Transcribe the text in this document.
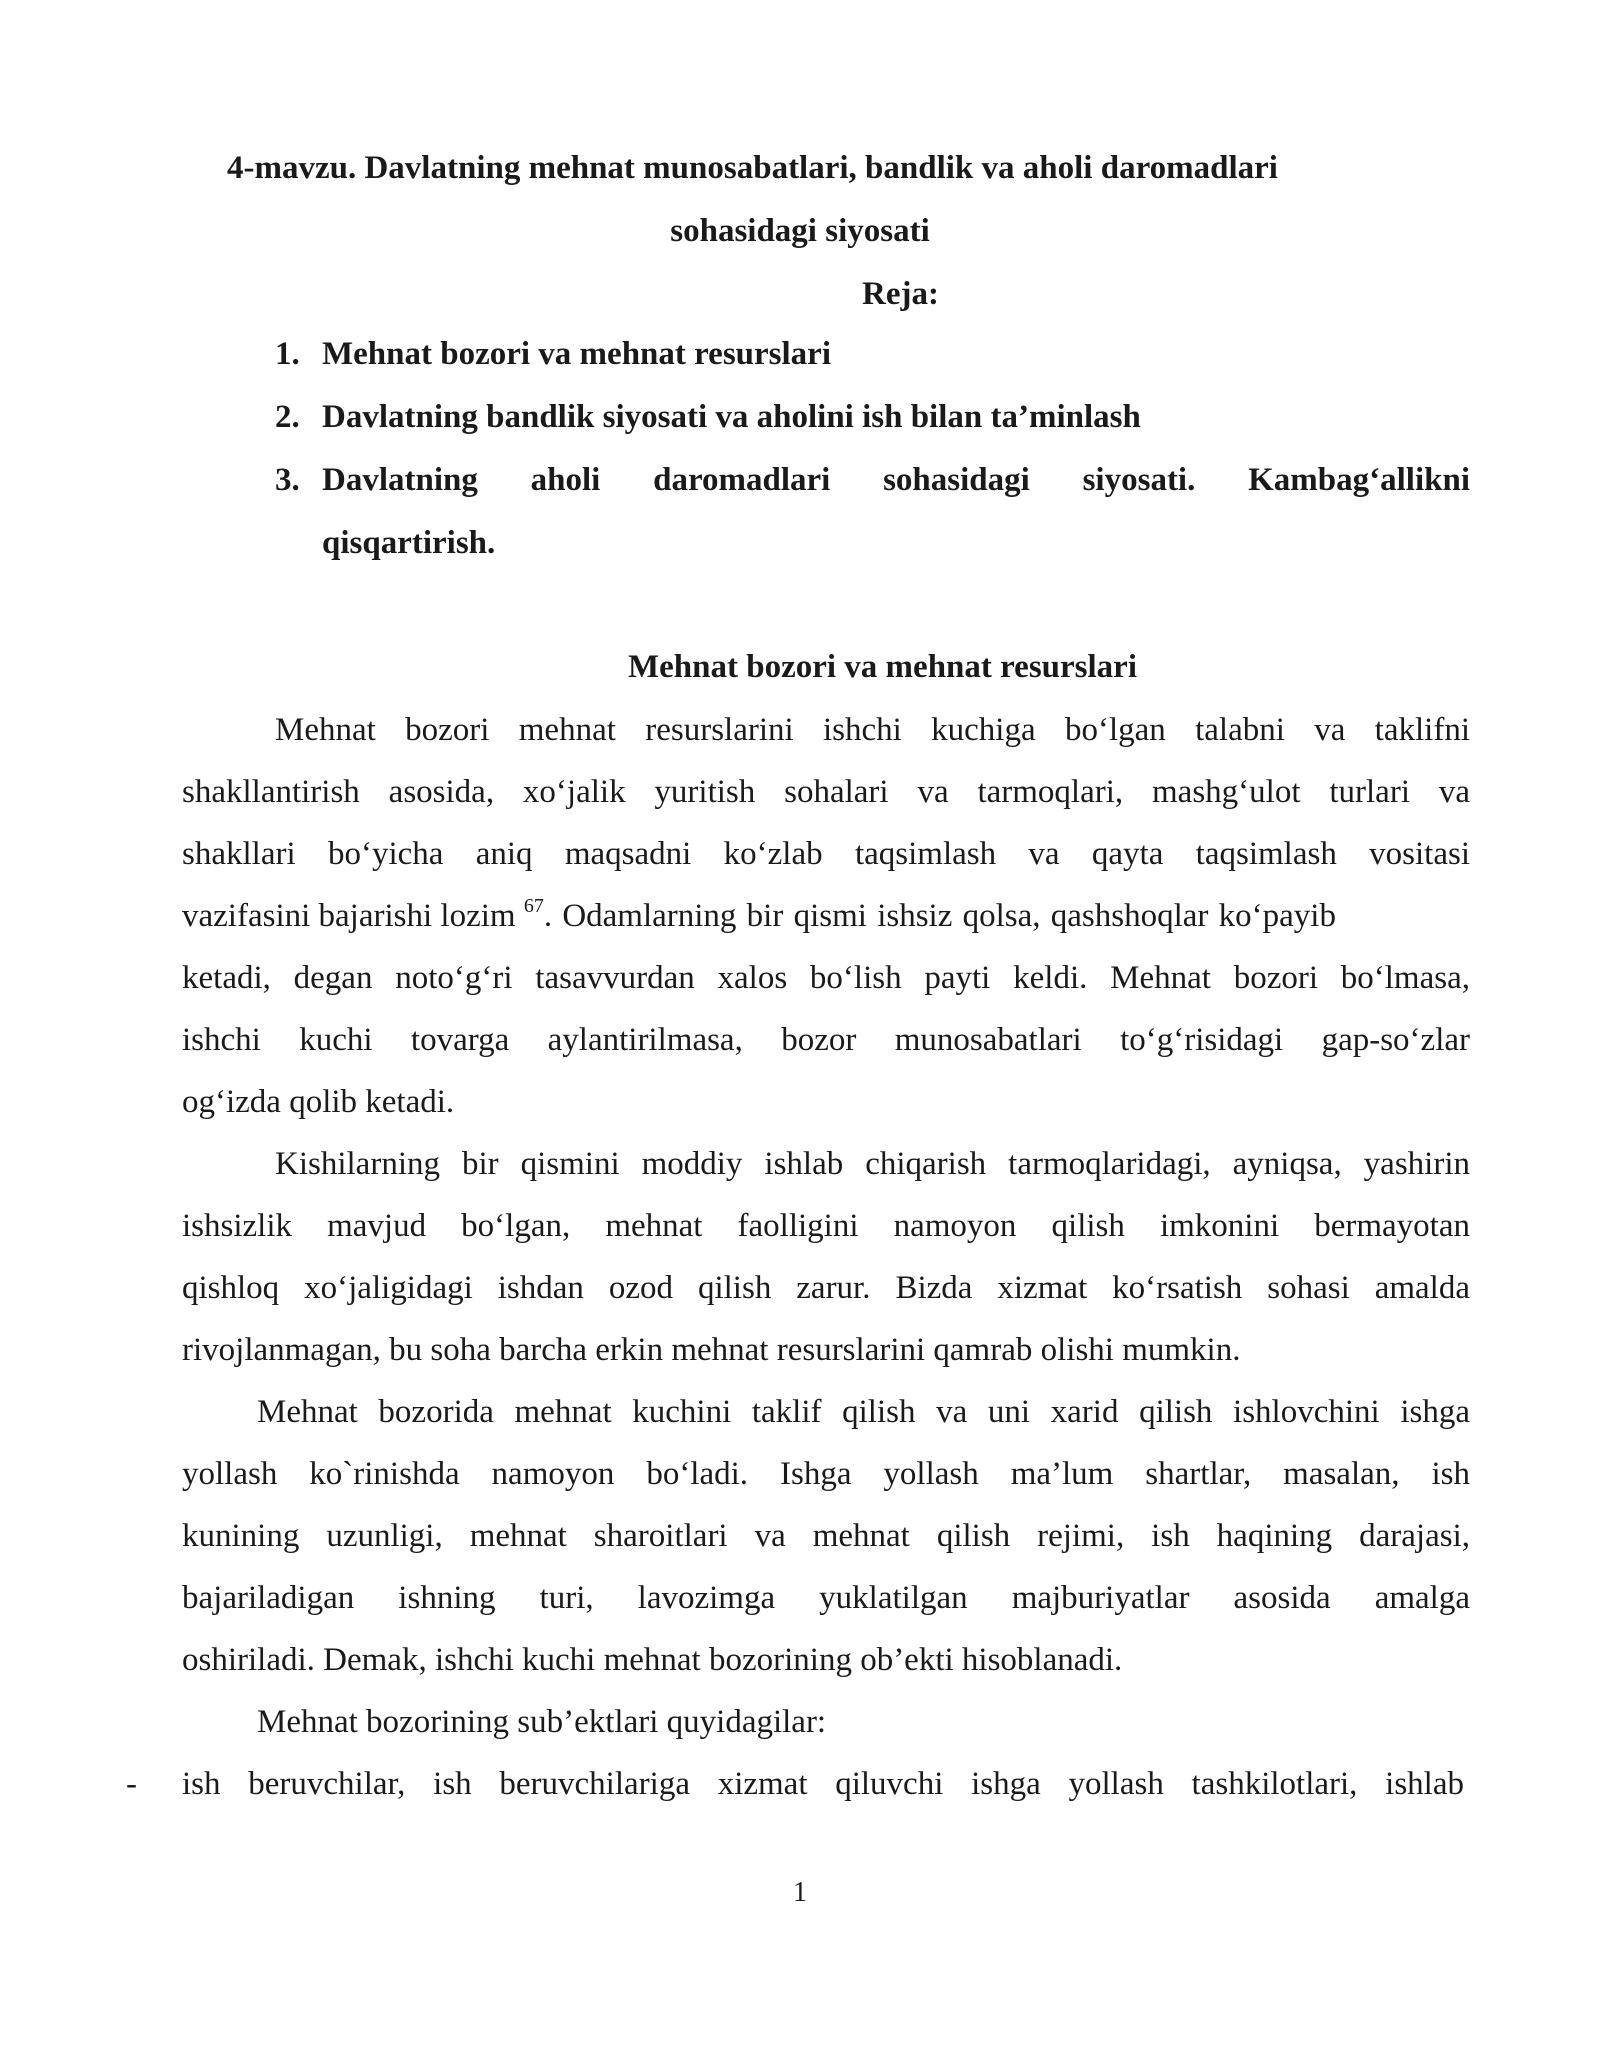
4-mavzu. Davlatning mehnat munosabatlari, bandlik va aholi daromadlari
sohasidagi siyosati
Reja:
1. Mehnat bozori va mehnat resurslari
2. Davlatning bandlik siyosati va aholini ish bilan ta’minlash
3. Davlatning aholi daromadlari sohasidagi siyosati. Kambag‘allikni
qisqartirish.
Mehnat bozori va mehnat resurslari
Mehnat bozori mehnat resurslarini ishchi kuchiga bo‘lgan talabni va taklifni
shakllantirish asosida, xo‘jalik yuritish sohalari va tarmoqlari, mashg‘ulot turlari va
shakllari bo‘yicha aniq maqsadni ko‘zlab taqsimlash va qayta taqsimlash vositasi
vazifasini bajarishi lozim $^{67}$. Odamlarning bir qismi ishsiz qolsa, qashshoqlar ko‘payib
ketadi, degan noto‘g‘ri tasavvurdan xalos bo‘lish payti keldi. Mehnat bozori bo‘lmasa,
ishchi kuchi tovarga aylantirilmasa, bozor munosabatlari to‘g‘risidagi gap-so‘zlar
og‘izda qolib ketadi.
Kishilarning bir qismini moddiy ishlab chiqarish tarmoqlaridagi, ayniqsa, yashirin
ishsizlik mavjud bo‘lgan, mehnat faolligini namoyon qilish imkonini bermayotan
qishloq xo‘jaligidagi ishdan ozod qilish zarur. Bizda xizmat ko‘rsatish sohasi amalda
rivojlanmagan, bu soha barcha erkin mehnat resurslarini qamrab olishi mumkin.
Mehnat bozorida mehnat kuchini taklif qilish va uni xarid qilish ishlovchini ishga
yollash ko`rinishda namoyon bo‘ladi. Ishga yollash ma’lum shartlar, masalan, ish
kunining uzunligi, mehnat sharoitlari va mehnat qilish rejimi, ish haqining darajasi,
bajariladigan ishning turi, lavozimga yuklatilgan majburiyatlar asosida amalga
oshiriladi. Demak, ishchi kuchi mehnat bozorining ob’ekti hisoblanadi.
Mehnat bozorining sub’ektlari quyidagilar:
- ish beruvchilar, ish beruvchilariga xizmat qiluvchi ishga yollash tashkilotlari, ishlab
1
